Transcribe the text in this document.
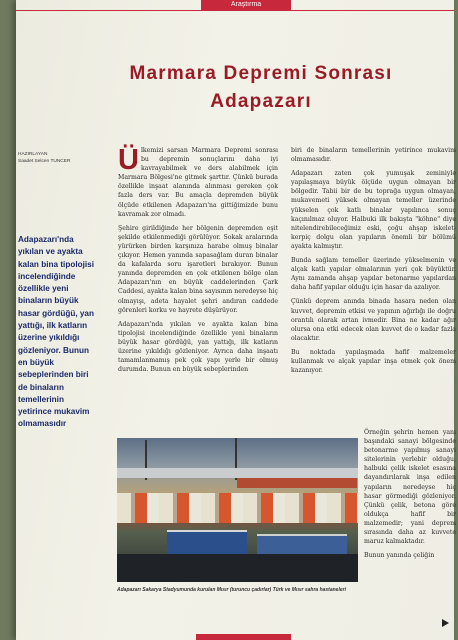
Araştırma
Marmara Depremi Sonrası
Adapazarı
HAZIRLAYAN
Saadet Selcen TUNCER
Adapazarı'nda yıkılan ve ayakta kalan bina tipolojisi incelendiğinde özellikle yeni binaların büyük hasar gördüğü, yan yattığı, ilk katların üzerine yıkıldığı gözleniyor. Bunun en büyük sebeplerinden biri de binaların temellerinin yetirince mukavim olmamasıdır

Ülkemizi sarsan Marmara Depremi sonrası bu depremin sonuçlarını daha iyi kavrayabilmek ve ders alabilmek için Marmara Bölgesi'ne gitmek şarttır. Çünkü burada özellikle inşaat alanında alınması gereken çok fazla ders var. Bu amaçla depremden büyük ölçüde etkilenen Adapazarı'na gittiğimizde bunu kavramak zor olmadı.

Şehire girildiğinde her bölgenin depremden eşit şekilde etkilenmediği görülüyor. Sokak aralarında yürürken birden karşınıza harabe olmuş binalar çıkıyor. Hemen yanında sapasağlam duran binalar da kafalarda soru işaretleri bırakıyor. Bunun yanında depremden en çok etkilenen bölge olan Adapazarı'nın en büyük caddelerinden Çark Caddesi, ayakta kalan bina sayısının neredeyse hiç olmayışı, adeta hayalet şehri andıran caddede görenleri korku ve hayrete düşürüyor.

Adapazarı'nda yıkılan ve ayakta kalan bina tipolojisi incelendiğinde özellikle yeni binaların büyük hasar gördüğü, yan yattığı, ilk katların üzerine yıkıldığı gözleniyor. Ayrıca daha inşaatı tamamlanmamış pek çok yapı yerle bir olmuş durumda. Bunun en büyük sebeplerinden

biri de binaların temellerinin yetirince mukavim olmamasıdır.

Adapazarı zaten çok yumuşak zeminiyle yapılaşmaya büyük ölçüde uygun olmayan bir bölgedir. Tabii bir de bu toprağa uygun olmayan, mukavemeti yüksek olmayan temeller üzerinde yükselen çok katlı binalar yapılınca sonuç kaçınılmaz oluyor. Halbuki ilk bakışta "köhne" diye nitelendirebileceğimiz eski, çoğu ahşap iskelet-kerpiç dolgu olan yapıların önemli bir bölümü ayakta kalmıştır.

Bunda sağlam temeller üzerinde yükselmenin ve alçak katlı yapılar olmalarının yeri çok büyüktür. Aynı zamanda ahşap yapılar betonarme yapılardan daha hafif yapılar olduğu için hasar da azalıyor.

Çünkü deprem anında binada hasara neden olan kuvvet, depremin etkisi ve yapının ağırlığı ile doğru orantılı olarak artan ivmedir. Bina ne kadar ağır olursa ona etki edecek olan kuvvet de o kadar fazla olacaktır.

Bu noktada yapılaşmada hafif malzemeler kullanmak ve alçak yapılar inşa etmek çok önem kazanıyor.

Örneğin şehrin hemen yanı başındaki sanayi bölgesinde betonarme yapılmış sanayi sitelerinin yerlebir olduğu, halbuki çelik iskelet esasına dayandırılarak inşa edilen yapıların neredeyse hiç hasar görmediği gözleniyor. Çünkü çelik, betona göre oldukça hafif bir malzemedir; yani deprem sırasında daha az kuvvete maruz kalmaktadır.

Bunun yanında çeliğin

Adapazarı Sakarya Stadyumunda kurulan Mısır (turuncu çadırlar) Türk ve Mısır sahra hastaneleri
